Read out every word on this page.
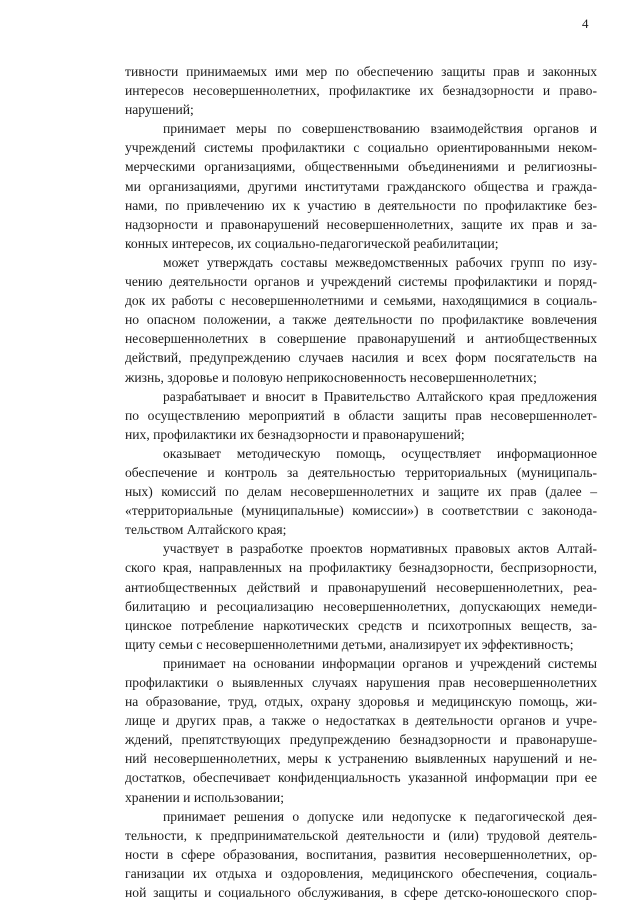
4
тивности принимаемых ими мер по обеспечению защиты прав и законных
интересов несовершеннолетних, профилактике их безнадзорности и право-
нарушений;
принимает меры по совершенствованию взаимодействия органов и
учреждений системы профилактики с социально ориентированными неком-
мерческими организациями, общественными объединениями и религиозны-
ми организациями, другими институтами гражданского общества и гражда-
нами, по привлечению их к участию в деятельности по профилактике без-
надзорности и правонарушений несовершеннолетних, защите их прав и за-
конных интересов, их социально-педагогической реабилитации;
может утверждать составы межведомственных рабочих групп по изу-
чению деятельности органов и учреждений системы профилактики и поряд-
док их работы с несовершеннолетними и семьями, находящимися в социаль-
но опасном положении, а также деятельности по профилактике вовлечения
несовершеннолетних в совершение правонарушений и антиобщественных
действий, предупреждению случаев насилия и всех форм посягательств на
жизнь, здоровье и половую неприкосновенность несовершеннолетних;
разрабатывает и вносит в Правительство Алтайского края предложения
по осуществлению мероприятий в области защиты прав несовершеннолет-
них, профилактики их безнадзорности и правонарушений;
оказывает методическую помощь, осуществляет информационное
обеспечение и контроль за деятельностью территориальных (муниципаль-
ных) комиссий по делам несовершеннолетних и защите их прав (далее –
«территориальные (муниципальные) комиссии») в соответствии с законода-
тельством Алтайского края;
участвует в разработке проектов нормативных правовых актов Алтай-
ского края, направленных на профилактику безнадзорности, беспризорности,
антиобщественных действий и правонарушений несовершеннолетних, реа-
билитацию и ресоциализацию несовершеннолетних, допускающих немеди-
цинское потребление наркотических средств и психотропных веществ, за-
щиту семьи с несовершеннолетними детьми, анализирует их эффективность;
принимает на основании информации органов и учреждений системы
профилактики о выявленных случаях нарушения прав несовершеннолетних
на образование, труд, отдых, охрану здоровья и медицинскую помощь, жи-
лище и других прав, а также о недостатках в деятельности органов и учре-
ждений, препятствующих предупреждению безнадзорности и правонаруше-
ний несовершеннолетних, меры к устранению выявленных нарушений и не-
достатков, обеспечивает конфиденциальность указанной информации при ее
хранении и использовании;
принимает решения о допуске или недопуске к педагогической дея-
тельности, к предпринимательской деятельности и (или) трудовой деятель-
ности в сфере образования, воспитания, развития несовершеннолетних, ор-
ганизации их отдыха и оздоровления, медицинского обеспечения, социаль-
ной защиты и социального обслуживания, в сфере детско-юношеского спор-
